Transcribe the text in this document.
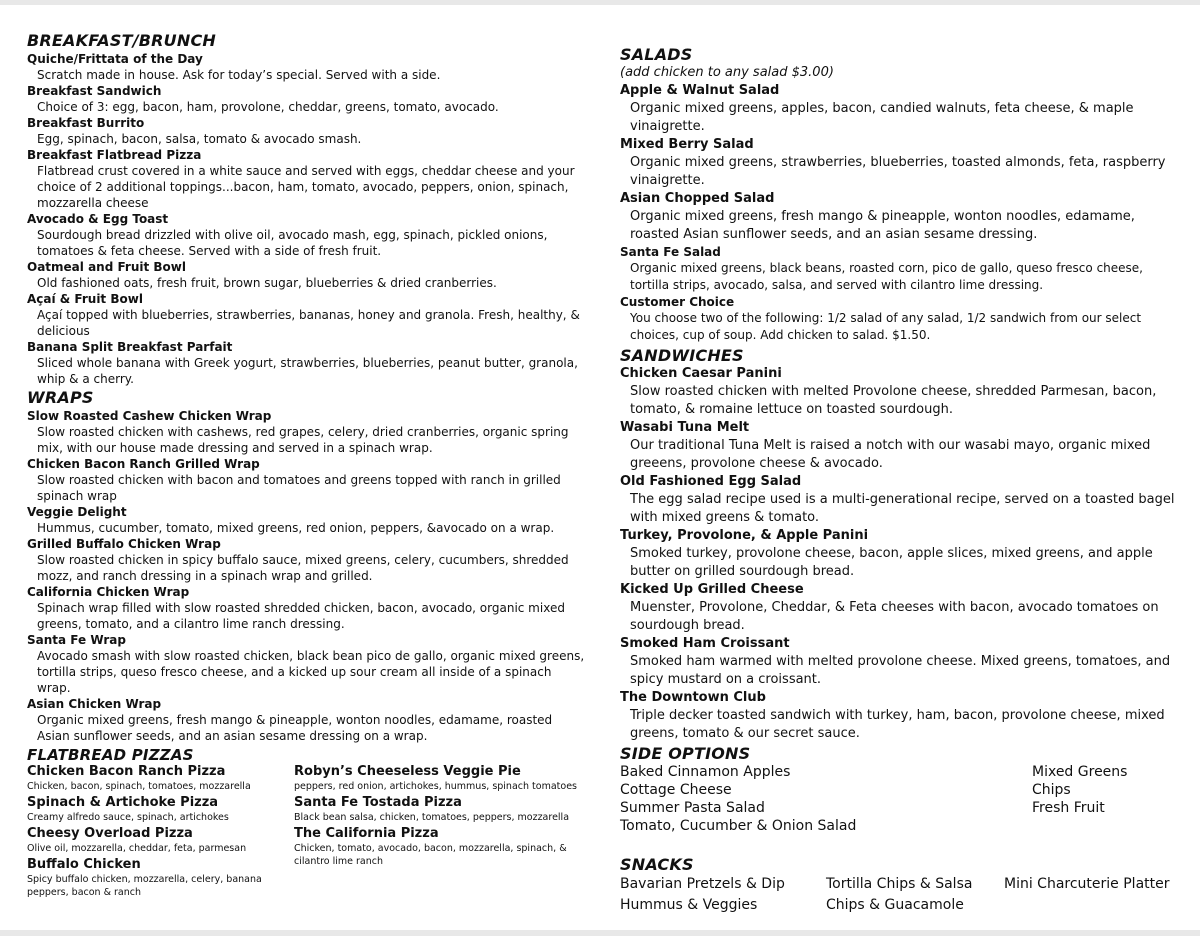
BREAKFAST/BRUNCH
Quiche/Frittata of the Day
Scratch made in house. Ask for today’s special. Served with a side.
Breakfast Sandwich
Choice of 3: egg, bacon, ham, provolone, cheddar, greens, tomato, avocado.
Breakfast Burrito
Egg, spinach, bacon, salsa, tomato & avocado smash.
Breakfast Flatbread Pizza
Flatbread crust covered in a white sauce and served with eggs, cheddar cheese and your choice of 2 additional toppings...bacon, ham, tomato, avocado, peppers, onion, spinach, mozzarella cheese
Avocado & Egg Toast
Sourdough bread drizzled with olive oil, avocado mash, egg, spinach, pickled onions, tomatoes & feta cheese. Served with a side of fresh fruit.
Oatmeal and Fruit Bowl
Old fashioned oats, fresh fruit, brown sugar, blueberries & dried cranberries.
Açaí & Fruit Bowl
Açaí topped with blueberries, strawberries, bananas, honey and granola. Fresh, healthy, & delicious
Banana Split Breakfast Parfait
Sliced whole banana with Greek yogurt, strawberries, blueberries, peanut butter, granola, whip & a cherry.
WRAPS
Slow Roasted Cashew Chicken Wrap
Slow roasted chicken with cashews, red grapes, celery, dried cranberries, organic spring mix, with our house made dressing and served in a spinach wrap.
Chicken Bacon Ranch Grilled Wrap
Slow roasted chicken with bacon and tomatoes and greens topped with ranch in grilled spinach wrap
Veggie Delight
Hummus, cucumber, tomato, mixed greens, red onion, peppers, &avocado on a wrap.
Grilled Buffalo Chicken Wrap
Slow roasted chicken in spicy buffalo sauce, mixed greens, celery, cucumbers, shredded mozz, and ranch dressing in a spinach wrap and grilled.
California Chicken Wrap
Spinach wrap filled with slow roasted shredded chicken, bacon, avocado, organic mixed greens, tomato, and a cilantro lime ranch dressing.
Santa Fe Wrap
Avocado smash with slow roasted chicken, black bean pico de gallo, organic mixed greens, tortilla strips, queso fresco cheese, and a kicked up sour cream all inside of a spinach wrap.
Asian Chicken Wrap
Organic mixed greens, fresh mango & pineapple, wonton noodles, edamame, roasted Asian sunflower seeds, and an asian sesame dressing on a wrap.
FLATBREAD PIZZAS
Chicken Bacon Ranch Pizza
Chicken, bacon, spinach, tomatoes, mozzarella
Spinach & Artichoke Pizza
Creamy alfredo sauce, spinach, artichokes
Cheesy Overload Pizza
Olive oil, mozzarella, cheddar, feta, parmesan
Buffalo Chicken
Spicy buffalo chicken, mozzarella, celery, banana peppers, bacon & ranch
Robyn’s Cheeseless Veggie Pie
peppers, red onion, artichokes, hummus, spinach tomatoes
Santa Fe Tostada Pizza
Black bean salsa, chicken, tomatoes, peppers, mozzarella
The California Pizza
Chicken, tomato, avocado, bacon, mozzarella, spinach, & cilantro lime ranch
SALADS
(add chicken to any salad $3.00)
Apple & Walnut Salad
Organic mixed greens, apples, bacon, candied walnuts, feta cheese, & maple vinaigrette.
Mixed Berry Salad
Organic mixed greens, strawberries, blueberries, toasted almonds, feta, raspberry vinaigrette.
Asian Chopped Salad
Organic mixed greens, fresh mango & pineapple, wonton noodles, edamame, roasted Asian sunflower seeds, and an asian sesame dressing.
Santa Fe Salad
Organic mixed greens, black beans, roasted corn, pico de gallo, queso fresco cheese, tortilla strips, avocado, salsa, and served with cilantro lime dressing.
Customer Choice
You choose two of the following: 1/2 salad of any salad, 1/2 sandwich from our select choices, cup of soup. Add chicken to salad. $1.50.
SANDWICHES
Chicken Caesar Panini
Slow roasted chicken with melted Provolone cheese, shredded Parmesan, bacon, tomato, & romaine lettuce on toasted sourdough.
Wasabi Tuna Melt
Our traditional Tuna Melt is raised a notch with our wasabi mayo, organic mixed greeens, provolone cheese & avocado.
Old Fashioned Egg Salad
The egg salad recipe used is a multi-generational recipe, served on a toasted bagel with mixed greens & tomato.
Turkey, Provolone, & Apple Panini
Smoked turkey, provolone cheese, bacon, apple slices, mixed greens, and apple butter on grilled sourdough bread.
Kicked Up Grilled Cheese
Muenster, Provolone, Cheddar, & Feta cheeses with bacon, avocado tomatoes on sourdough bread.
Smoked Ham Croissant
Smoked ham warmed with melted provolone cheese. Mixed greens, tomatoes, and spicy mustard on a croissant.
The Downtown Club
Triple decker toasted sandwich with turkey, ham, bacon, provolone cheese, mixed greens, tomato & our secret sauce.
SIDE OPTIONS
Baked Cinnamon Apples
Cottage Cheese
Summer Pasta Salad
Tomato, Cucumber & Onion Salad
Mixed Greens
Chips
Fresh Fruit
SNACKS
Bavarian Pretzels & Dip	Tortilla Chips & Salsa	Mini Charcuterie Platter
Hummus & Veggies	Chips & Guacamole
